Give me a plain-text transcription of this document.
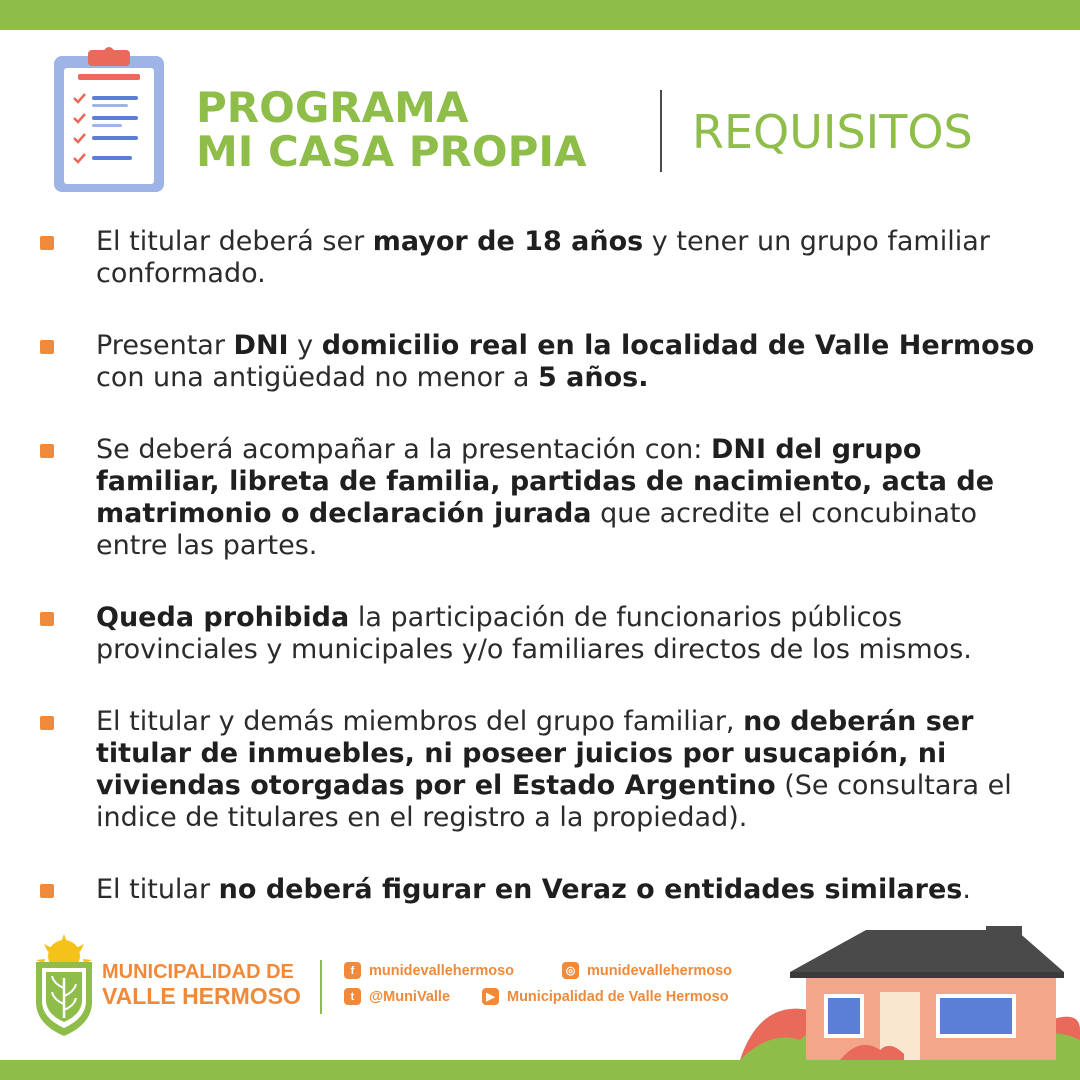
PROGRAMA
MI CASA PROPIA REQUISITOS
El titular deberá ser mayor de 18 años y tener un grupo familiar conformado.
Presentar DNI y domicilio real en la localidad de Valle Hermoso con una antigüedad no menor a 5 años.
Se deberá acompañar a la presentación con: DNI del grupo familiar, libreta de familia, partidas de nacimiento, acta de matrimonio o declaración jurada que acredite el concubinato entre las partes.
Queda prohibida la participación de funcionarios públicos provinciales y municipales y/o familiares directos de los mismos.
El titular y demás miembros del grupo familiar, no deberán ser titular de inmuebles, ni poseer juicios por usucapión, ni viviendas otorgadas por el Estado Argentino (Se consultara el indice de titulares en el registro a la propiedad).
El titular no deberá figurar en Veraz o entidades similares.
MUNICIPALIDAD DE
VALLE HERMOSO
f	munidevallehermoso	◎ munidevallehermoso
t	@MuniValle	▶ Municipalidad de Valle Hermoso
